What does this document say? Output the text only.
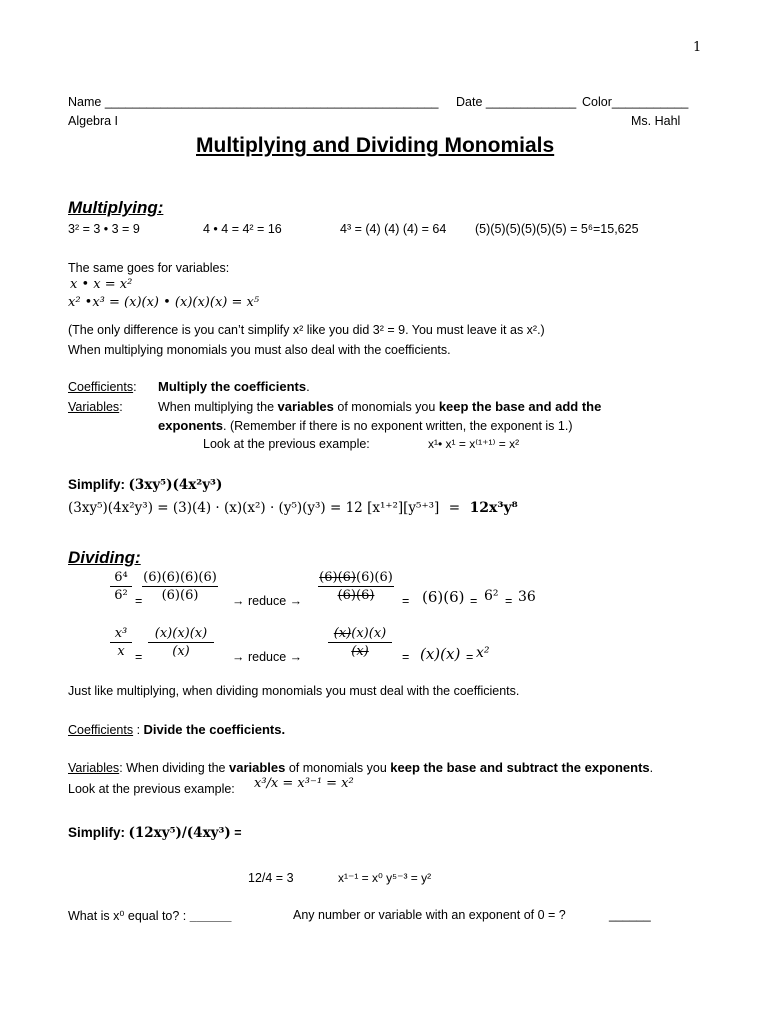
1
Name ________________________________________________ Date _____________ Color___________
Algebra I	Ms. Hahl
Multiplying and Dividing Monomials
Multiplying:
3² = 3 • 3 = 9	4 • 4 = 4² = 16	4³ = (4) (4) (4) = 64 (5)(5)(5)(5)(5)(5) = 5⁶=15,625
The same goes for variables:
x • x = x²
x² •x³ = (x)(x) • (x)(x)(x) = x⁵
(The only difference is you can’t simplify x² like you did 3² = 9. You must leave it as x².)
When multiplying monomials you must also deal with the coefficients.
Coefficients: Multiply the coefficients.
Variables:	When multiplying the variables of monomials you keep the base and add the
exponents. (Remember if there is no exponent written, the exponent is 1.)
Look at the previous example:	x¹• x¹ = x⁽¹⁺¹⁾ = x²
Simplify: (3xy⁵)(4x²y³)
(3xy⁵)(4x²y³) = (3)(4) · (x)(x²) · (y⁵)(y³) = 12 [x¹⁺²][y⁵⁺³] = 12x³y⁸
Dividing:
6⁴
6² =
(6)(6)(6)(6)
(6)(6)	→ reduce →
(6)(6)(6)(6)
(6)(6)	= (6)(6) = 6² = 36
x³
x =
(x)(x)(x)
(x)	→ reduce →
(x)(x)(x)
(x)	= (x)(x) = x²
Just like multiplying, when dividing monomials you must deal with the coefficients.
Coefficients : Divide the coefficients.
Variables: When dividing the variables of monomials you keep the base and subtract the exponents.
Look at the previous example: x³/x = x³⁻¹ = x²
Simplify: (12xy⁵)/(4xy³) =
12/4 = 3	x¹⁻¹ = x⁰ y⁵⁻³ = y²
What is x⁰ equal to? : ______	Any number or variable with an exponent of 0 = ?	______
